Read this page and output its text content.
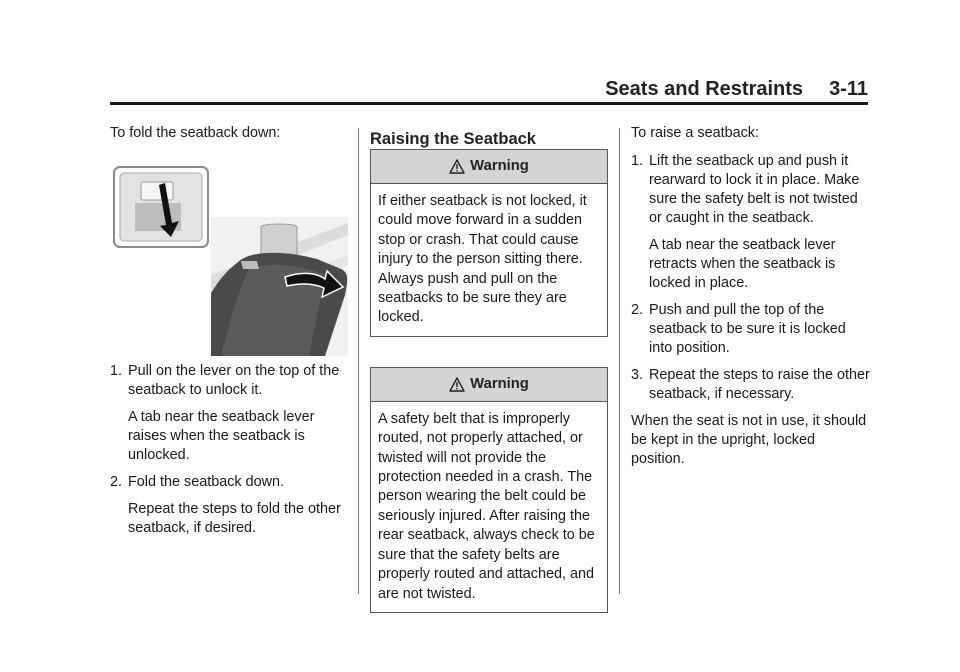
Seats and Restraints 3-11

To fold the seatback down:

1. Pull on the lever on the top of the seatback to unlock it.
A tab near the seatback lever raises when the seatback is unlocked.
2. Fold the seatback down.
Repeat the steps to fold the other seatback, if desired.

Raising the Seatback

Warning
If either seatback is not locked, it could move forward in a sudden stop or crash. That could cause injury to the person sitting there. Always push and pull on the seatbacks to be sure they are locked.
Warning
A safety belt that is improperly routed, not properly attached, or twisted will not provide the protection needed in a crash. The person wearing the belt could be seriously injured. After raising the rear seatback, always check to be sure that the safety belts are properly routed and attached, and are not twisted.

To raise a seatback:

1. Lift the seatback up and push it rearward to lock it in place. Make sure the safety belt is not twisted or caught in the seatback.
A tab near the seatback lever retracts when the seatback is locked in place.
2. Push and pull the top of the seatback to be sure it is locked into position.
3. Repeat the steps to raise the other seatback, if necessary.

When the seat is not in use, it should be kept in the upright, locked position.
